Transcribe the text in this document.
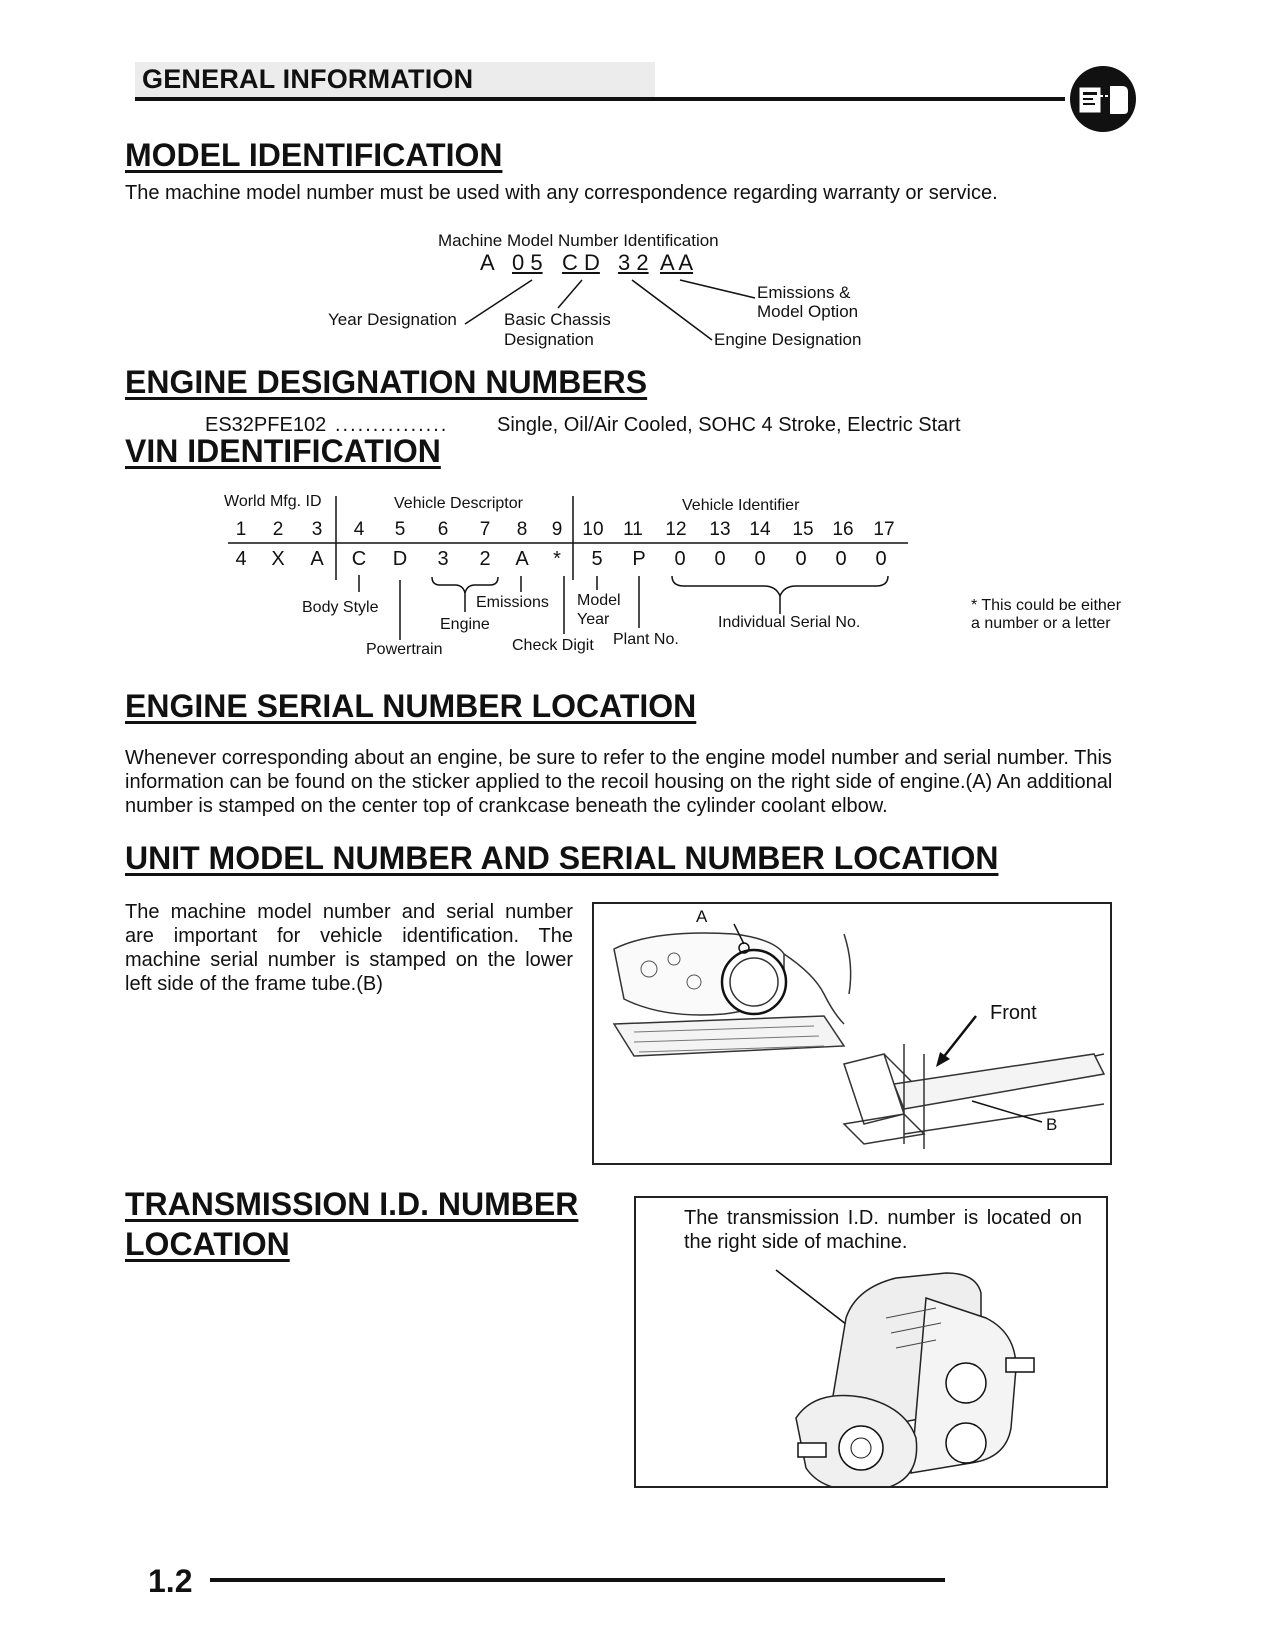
GENERAL INFORMATION
MODEL IDENTIFICATION
The machine model number must be used with any correspondence regarding warranty or service.
Machine Model Number Identification
A 0 5 C D 3 2 A A
Year Designation	Basic Chassis
Designation
Emissions &
Model Option
Engine Designation
ENGINE DESIGNATION NUMBERS
ES32PFE102 ............... Single, Oil/Air Cooled, SOHC 4 Stroke, Electric Start
VIN IDENTIFICATION
World Mfg. ID	Vehicle Descriptor	Vehicle Identifier
1	2	3	4	5	6	7	8	9	10 11 12 13 14 15 16 17
4	X	A	C	D	3	2	A	*	5	P	0	0	0	0	0	0
Body Style
Powertrain
Engine
Emissions
Check Digit
Model
Year
Plant No.
Individual Serial No.
* This could be either
a number or a letter
ENGINE SERIAL NUMBER LOCATION
Whenever corresponding about an engine, be sure to refer to the engine model number and serial number. This information can be found on the sticker applied to the recoil housing on the right side of engine.(A) An additional number is stamped on the center top of crankcase beneath the cylinder coolant elbow.
UNIT MODEL NUMBER AND SERIAL NUMBER LOCATION
The machine model number and serial number are important for vehicle identification. The machine serial number is stamped on the lower left side of the frame tube.(B)
A
Front
B
TRANSMISSION I.D. NUMBER
LOCATION
The transmission I.D. number is located on the right side of machine.
1.2
